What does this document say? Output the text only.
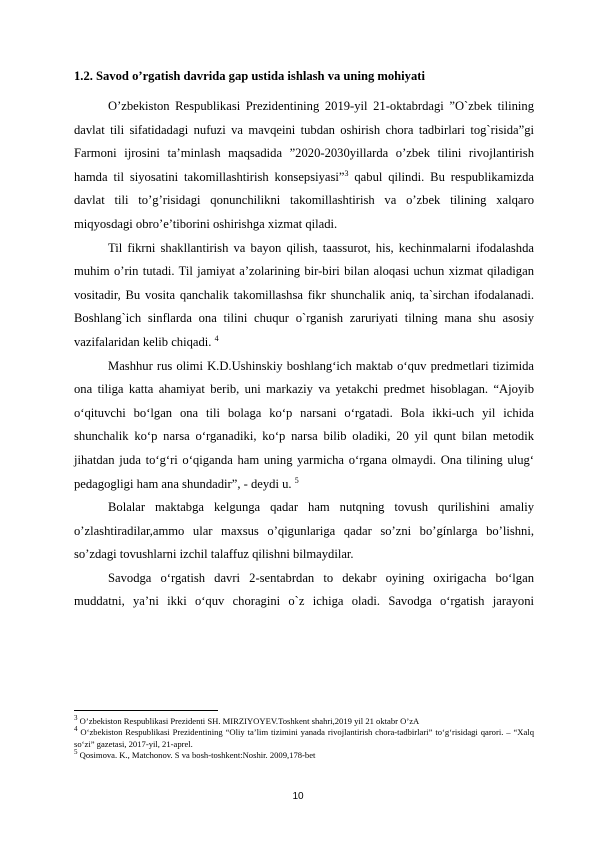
1.2. Savod o’rgatish davrida gap ustida ishlash va uning mohiyati

O’zbekiston Respublikasi Prezidentining 2019-yil 21-oktabrdagi ”O`zbek tilining davlat tili sifatidadagi nufuzi va mavqeini tubdan oshirish chora tadbirlari tog`risida”gi Farmoni ijrosini ta’minlash maqsadida ”2020-2030yillarda o’zbek tilini rivojlantirish hamda til siyosatini takomillashtirish konsepsiyasi”$^3$ qabul qilindi. Bu respublikamizda davlat tili to’g’risidagi qonunchilikni takomillashtirish va o’zbek tilining xalqaro miqyosdagi obro’e’tiborini oshirishga xizmat qiladi.

Til fikrni shakllantirish va bayon qilish, taassurot, his, kechinmalarni ifodalashda muhim o’rin tutadi. Til jamiyat a’zolarining bir-biri bilan aloqasi uchun xizmat qiladigan vositadir, Bu vosita qanchalik takomillashsa fikr shunchalik aniq, ta`sirchan ifodalanadi. Boshlang`ich sinflarda ona tilini chuqur o`rganish zaruriyati tilning mana shu asosiy vazifalaridan kelib chiqadi. $^4$

Mashhur rus olimi K.D.Ushinskiy boshlang‘ich maktab o‘quv predmetlari tizimida ona tiliga katta ahamiyat berib, uni markaziy va yetakchi predmet hisoblagan. “Ajoyib o‘qituvchi bo‘lgan ona tili bolaga ko‘p narsani o‘rgatadi. Bola ikki-uch yil ichida shunchalik ko‘p narsa o‘rganadiki, ko‘p narsa bilib oladiki, 20 yil qunt bilan metodik jihatdan juda to‘g‘ri o‘qiganda ham uning yarmicha o‘rgana olmaydi. Ona tilining ulug‘ pedagogligi ham ana shundadir”, - deydi u. $^5$

Bolalar maktabga kelgunga qadar ham nutqning tovush qurilishini amaliy o’zlashtiradilar,ammo ular maxsus o’qigunlariga qadar so’zni bo’gínlarga bo’lishni, so’zdagi tovushlarni izchil talaffuz qilishni bilmaydilar.

Savodga o‘rgatish davri 2-sentabrdan to dekabr oyining oxirigacha bo‘lgan muddatni, ya’ni ikki o‘quv choragini o`z ichiga oladi. Savodga o‘rgatish jarayoni

$^3$ O’zbekiston Respublikasi Prezidenti SH. MIRZIYOYEV.Toshkent shahri,2019 yil 21 oktabr O’zA

$^4$ O‘zbekiston Respublikasi Prezidentining “Oliy ta’lim tizimini yanada rivojlantirish chora-tadbirlari” to‘g‘risidagi qarori. – “Xalq so‘zi” gazetasi, 2017-yil, 21-aprel.

$^5$ Qosimova. K., Matchonov. S va bosh-toshkent:Noshir. 2009,178-bet

10
